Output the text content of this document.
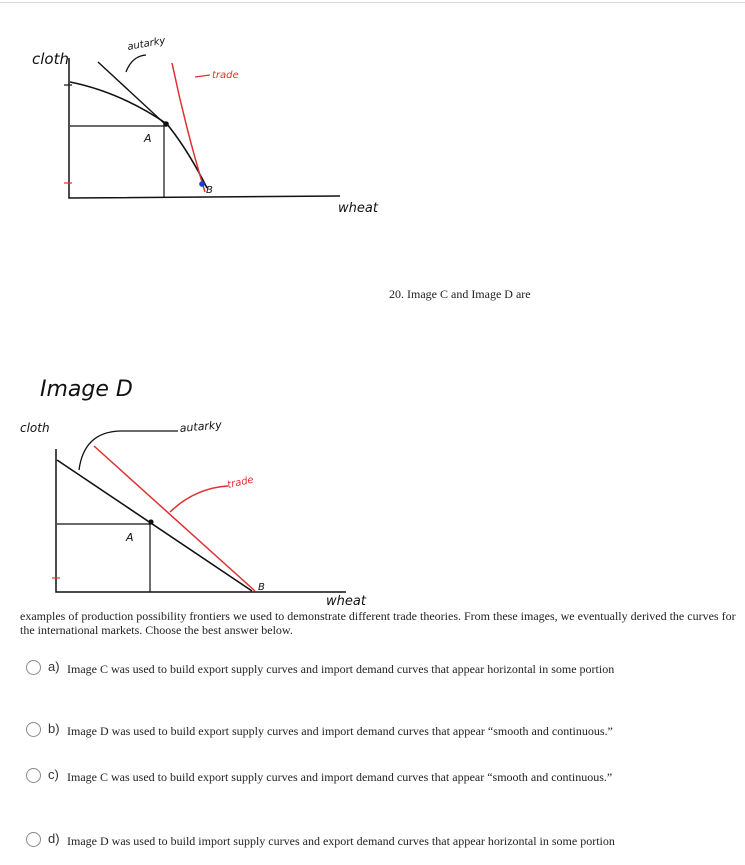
cloth
autarky
trade
A
B
wheat
Image D
cloth	autarky
trade
A
B
wheat
20. Image C and Image D are
examples of production possibility frontiers we used to demonstrate different trade theories. From these images, we eventually derived the curves for the international markets. Choose the best answer below.
a) Image C was used to build export supply curves and import demand curves that appear horizontal in some portion
b) Image D was used to build export supply curves and import demand curves that appear “smooth and continuous.”
c) Image C was used to build export supply curves and import demand curves that appear “smooth and continuous.”
d) Image D was used to build import supply curves and export demand curves that appear horizontal in some portion
